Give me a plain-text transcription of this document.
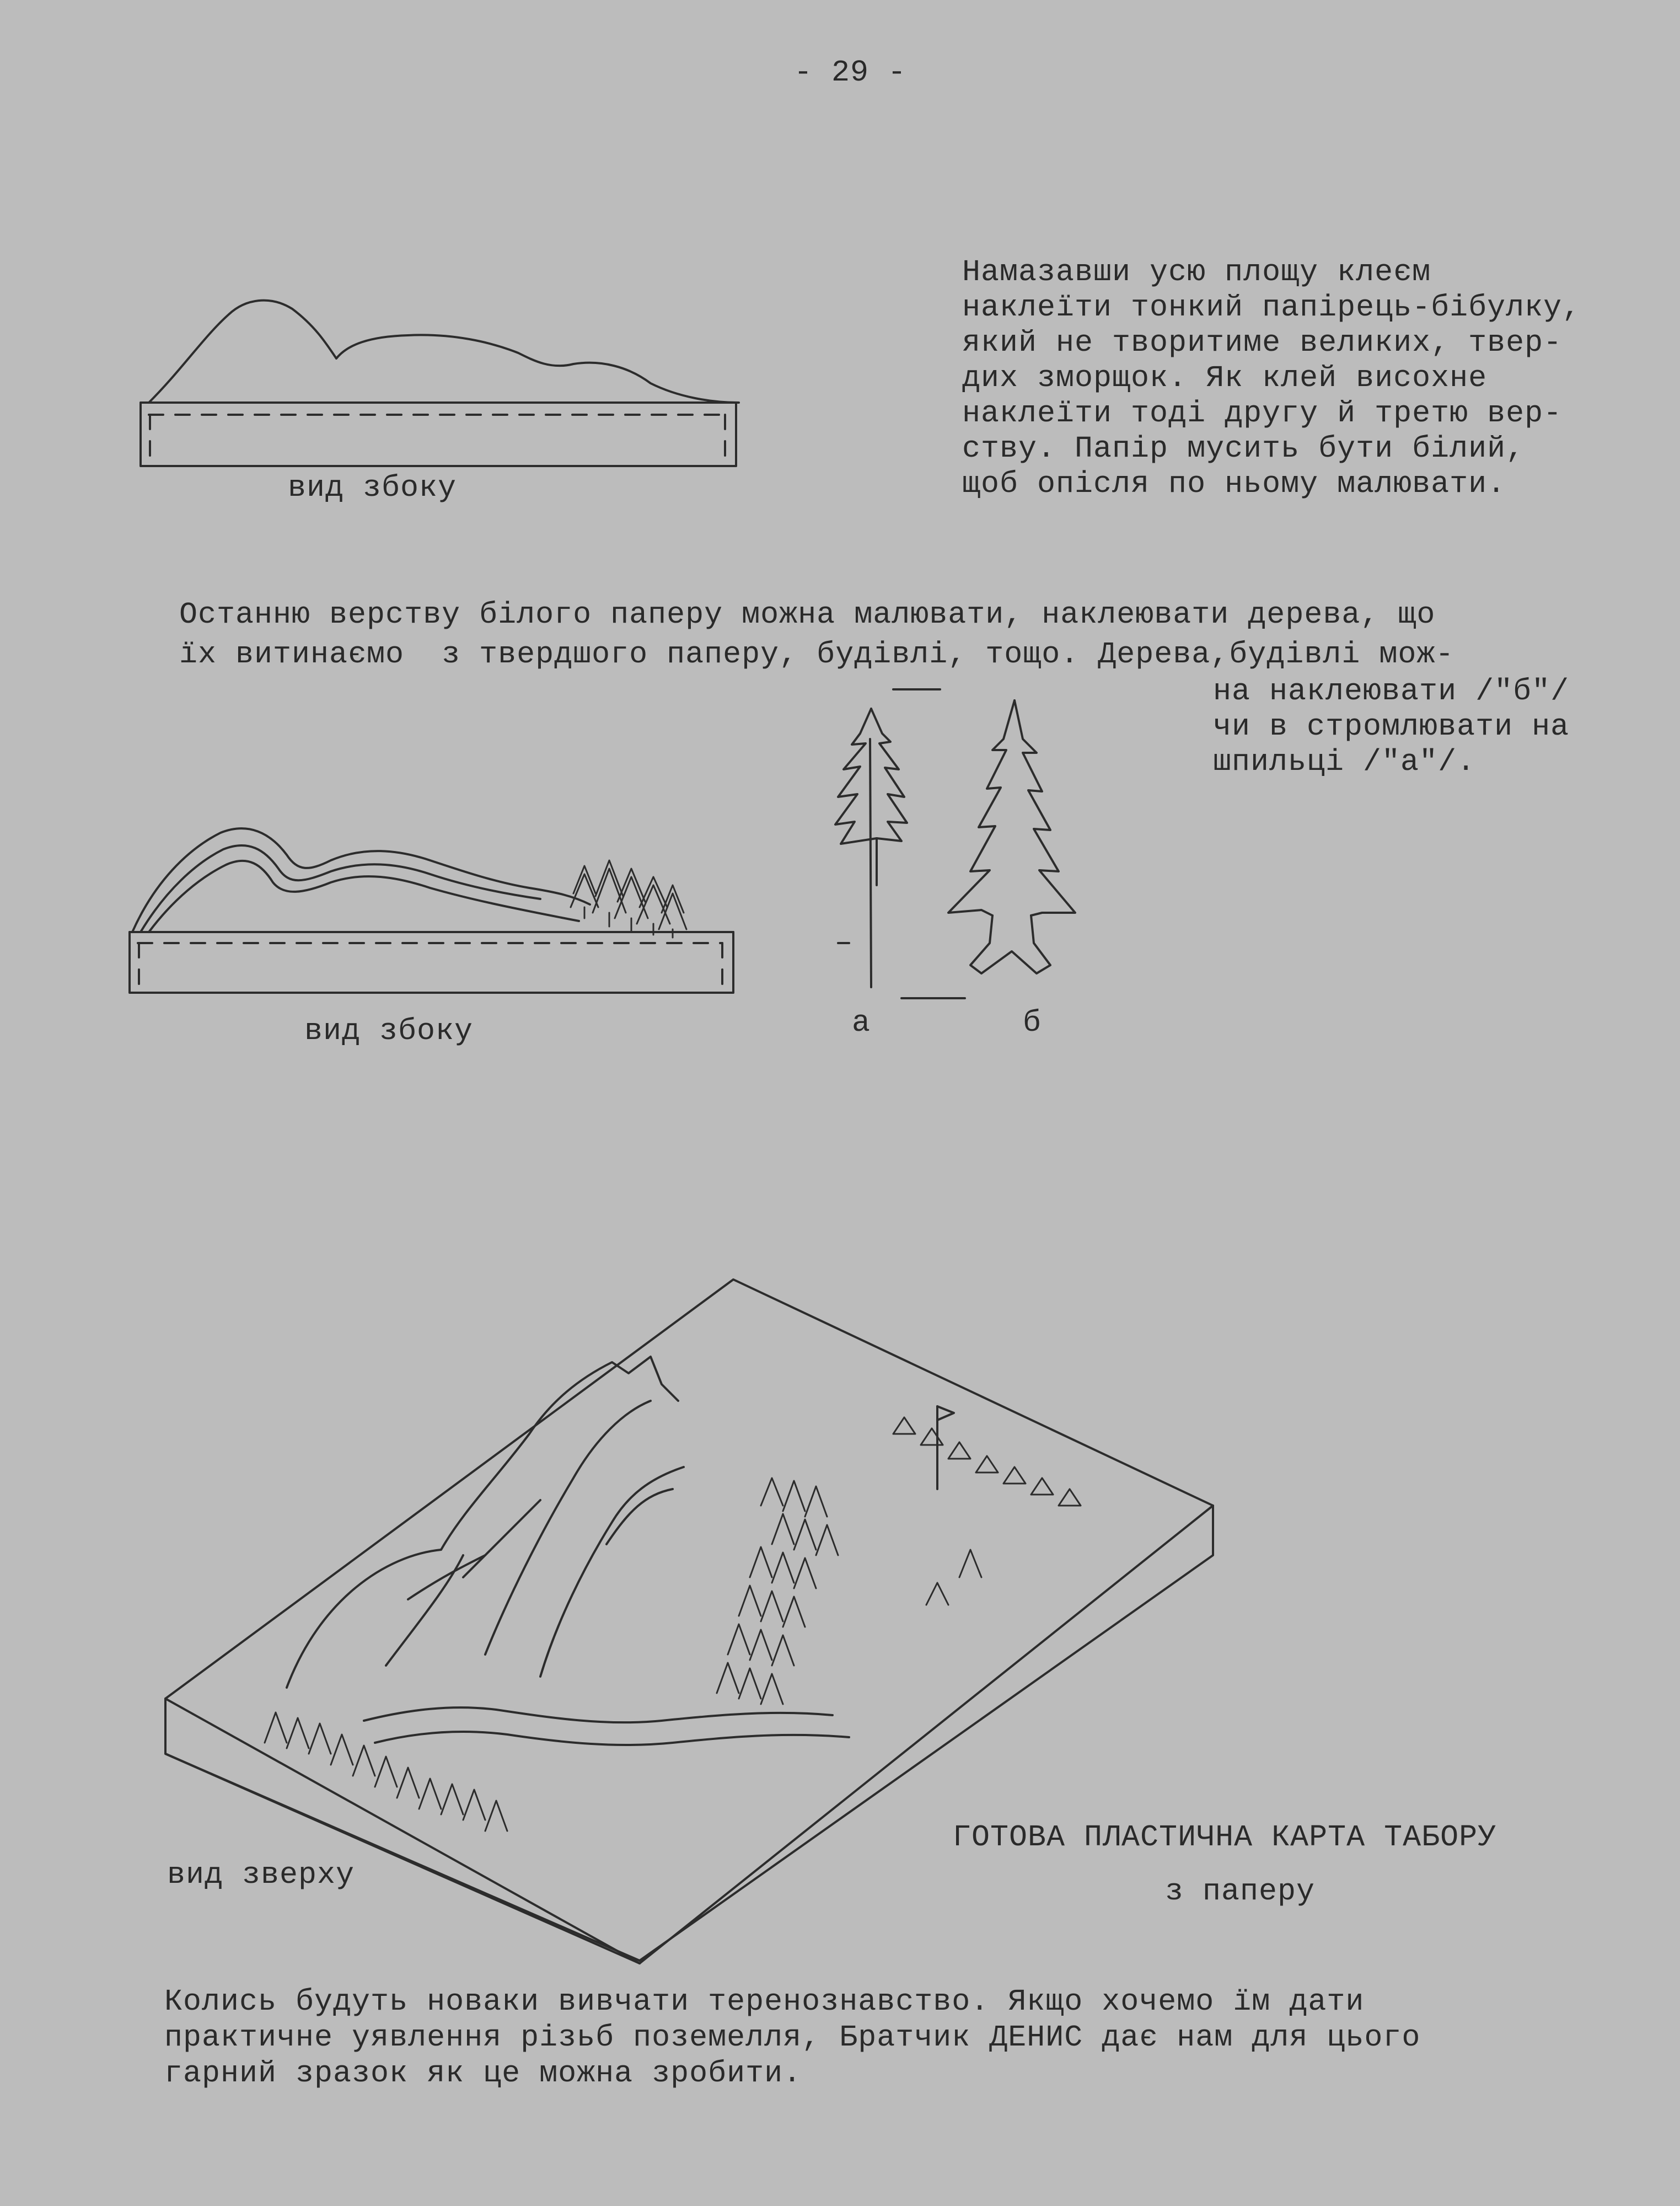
- 29 -
Намазавши усю площу клеєм
наклеїти тонкий папірець-бібулку,
який не творитиме великих, твер-
дих зморщок. Як клей висохне
наклеїти тоді другу й третю вер-
ству. Папір мусить бути білий,
щоб опісля по ньому малювати.
вид збоку
Останню верству білого паперу можна малювати, наклеювати дерева, що
їх витинаємо  з твердшого паперу, будівлі, тощо. Дерева,будівлі мож-
на наклеювати /"б"/
чи в стромлювати на
шпильці /"а"/.
вид збоку	а	б
вид зверху
ГОТОВА ПЛАСТИЧНА КАРТА ТАБОРУ
з паперу
Колись будуть новаки вивчати теренознавство. Якщо хочемо їм дати
практичне уявлення різьб поземелля, Братчик ДЕНИС дає нам для цього
гарний зразок як це можна зробити.
